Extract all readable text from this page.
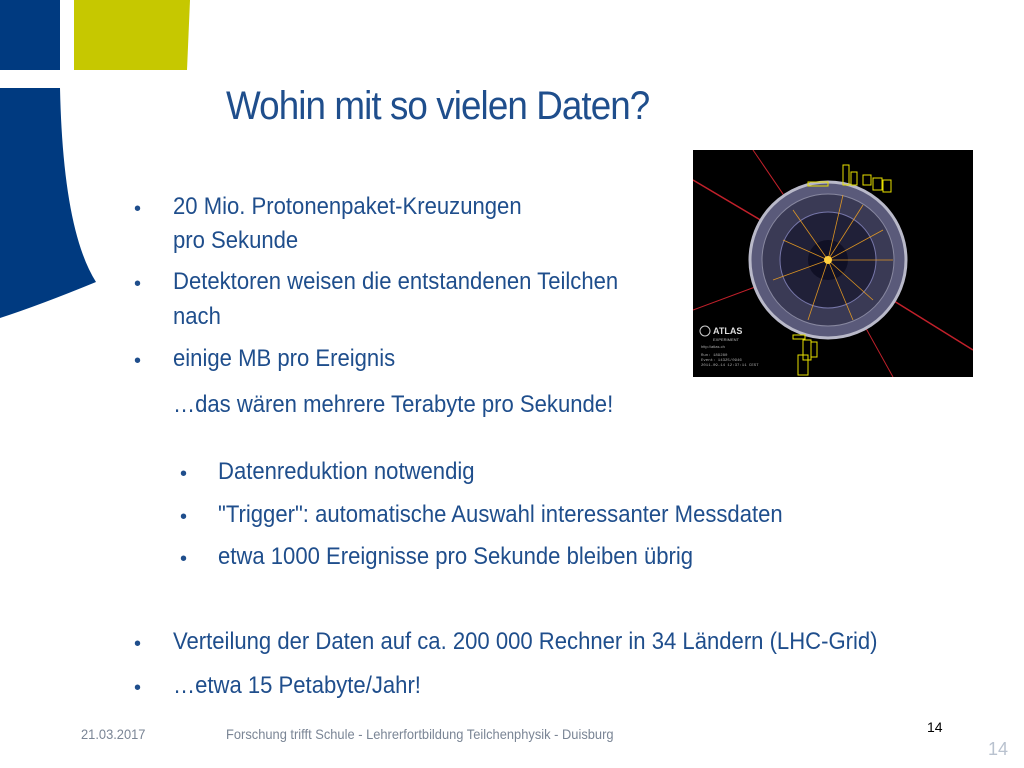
Wohin mit so vielen Daten?
• 20 Mio. Protonenpaket-Kreuzungen
pro Sekunde
• Detektoren weisen die entstandenen Teilchen
nach
• einige MB pro Ereignis
…das wären mehrere Terabyte pro Sekunde!
• Datenreduktion notwendig
• "Trigger": automatische Auswahl interessanter Messdaten
• etwa 1000 Ereignisse pro Sekunde bleiben übrig
• Verteilung der Daten auf ca. 200 000 Rechner in 34 Ländern (LHC-Grid)
• …etwa 15 Petabyte/Jahr!
ATLAS
EXPERIMENT
http://atlas.ch
Run: 189280
Event: 14325/0946
2011-09-14 12:37:11 CEST
21.03.2017	Forschung trifft Schule - Lehrerfortbildung Teilchenphysik - Duisburg	14
14
